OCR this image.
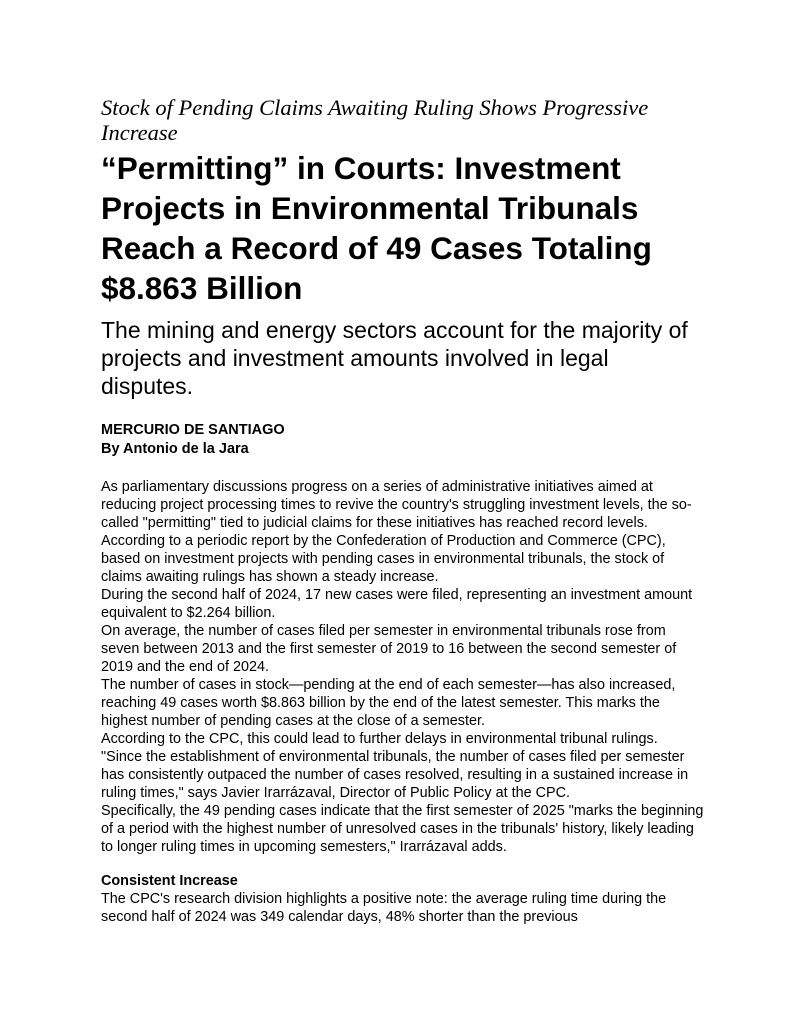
Stock of Pending Claims Awaiting Ruling Shows Progressive Increase

“Permitting” in Courts: Investment Projects in Environmental Tribunals Reach a Record of 49 Cases Totaling $8.863 Billion

The mining and energy sectors account for the majority of projects and investment amounts involved in legal disputes.

MERCURIO DE SANTIAGO
By Antonio de la Jara

As parliamentary discussions progress on a series of administrative initiatives aimed at reducing project processing times to revive the country's struggling investment levels, the so-called "permitting" tied to judicial claims for these initiatives has reached record levels.

According to a periodic report by the Confederation of Production and Commerce (CPC), based on investment projects with pending cases in environmental tribunals, the stock of claims awaiting rulings has shown a steady increase.

During the second half of 2024, 17 new cases were filed, representing an investment amount equivalent to $2.264 billion.

On average, the number of cases filed per semester in environmental tribunals rose from seven between 2013 and the first semester of 2019 to 16 between the second semester of 2019 and the end of 2024.

The number of cases in stock—pending at the end of each semester—has also increased, reaching 49 cases worth $8.863 billion by the end of the latest semester. This marks the highest number of pending cases at the close of a semester.

According to the CPC, this could lead to further delays in environmental tribunal rulings.

"Since the establishment of environmental tribunals, the number of cases filed per semester has consistently outpaced the number of cases resolved, resulting in a sustained increase in ruling times," says Javier Irarrázaval, Director of Public Policy at the CPC.

Specifically, the 49 pending cases indicate that the first semester of 2025 "marks the beginning of a period with the highest number of unresolved cases in the tribunals' history, likely leading to longer ruling times in upcoming semesters," Irarrázaval adds.

Consistent Increase

The CPC's research division highlights a positive note: the average ruling time during the second half of 2024 was 349 calendar days, 48% shorter than the previous
